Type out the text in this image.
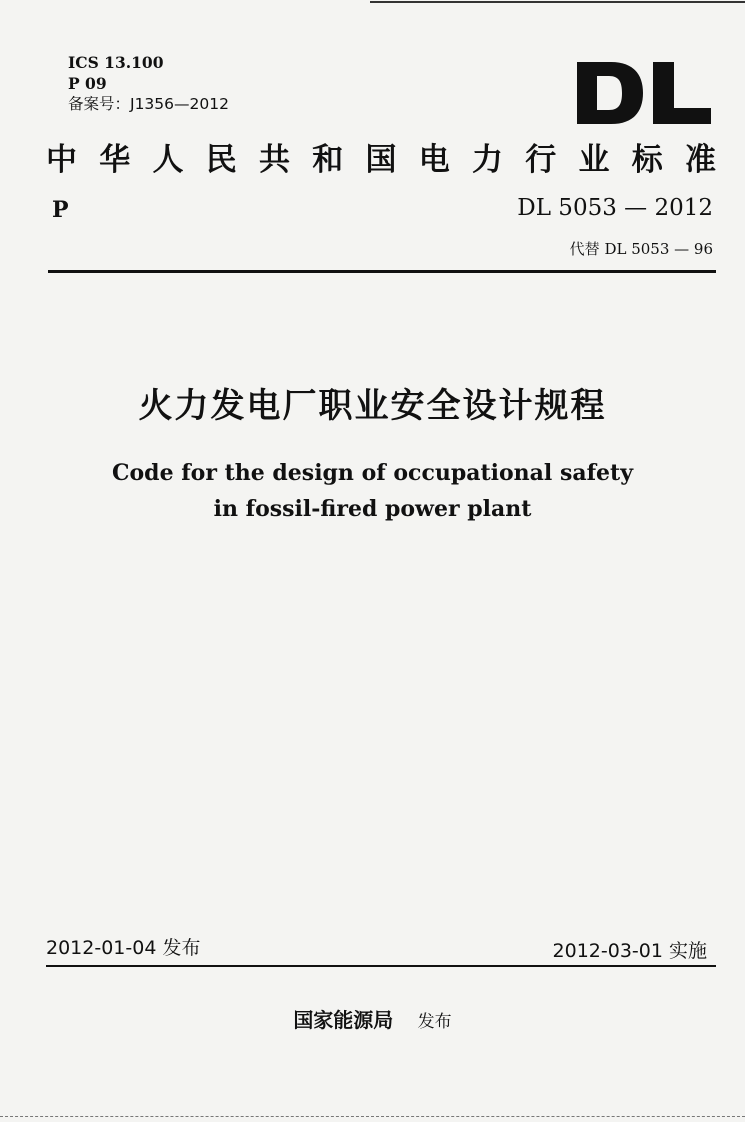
ICS 13.100
P 09
备案号：J1356—2012
中 华 人 民 共 和 国 电 力 行 业 标 准
P	DL 5053 — 2012
代替 DL 5053 — 96
火力发电厂职业安全设计规程
Code for the design of occupational safety
in fossil-fired power plant
2012-01-04 发布	2012-03-01 实施
国家能源局 发布
